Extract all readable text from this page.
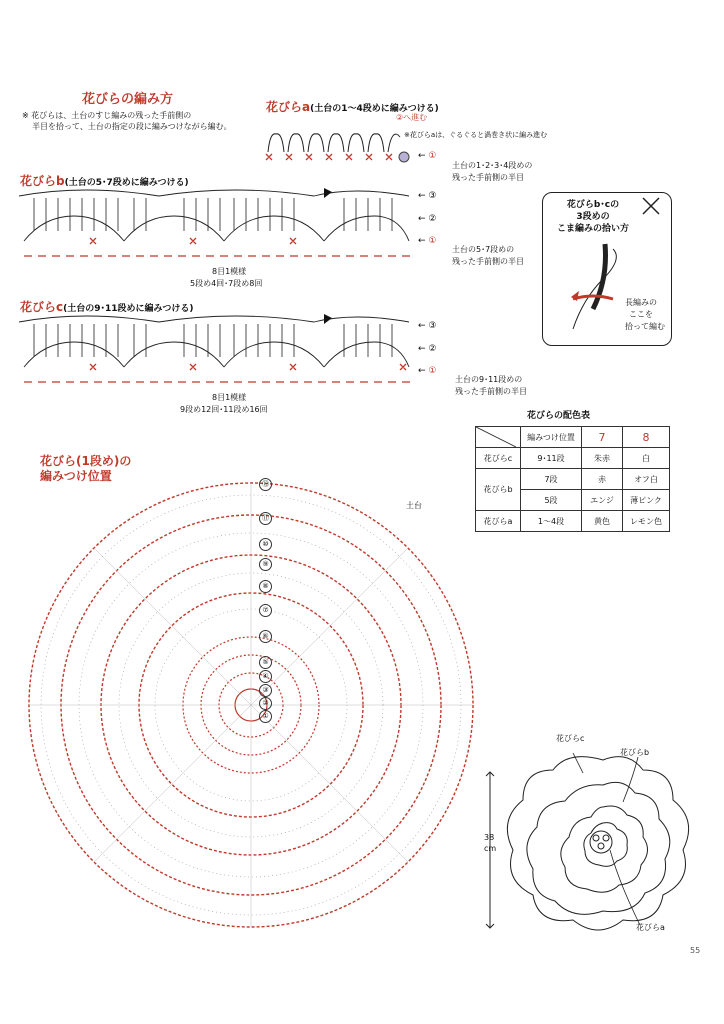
花びらの編み方
※ 花びらは、土台のすじ編みの残った手前側の
半目を拾って、土台の指定の段に編みつけながら編む。
花びらa(土台の1～4段めに編みつける)
②へ進む
※花びらaは、ぐるぐると渦巻き状に編み進む
← ①
土台の1･2･3･4段めの
残った手前側の半目
花びらb(土台の5･7段めに編みつける)
← ③
← ②
← ①
土台の5･7段めの
残った手前側の半目
8目1模様
5段め4回･7段め8回
花びらc(土台の9･11段めに編みつける)
← ③
← ②
← ①
土台の9･11段めの
残った手前側の半目
8目1模様
9段め12回･11段め16回
花びらb･cの
3段めの
こま編みの拾い方
長編みの
ここを
拾って編む
花びらの配色表
	編みつけ位置	7	8
花びらc	9･11段	朱赤	白
花びらb	7段	赤	オフ白
	5段	エンジ	薄ピンク
花びらa	1～4段	黄色	レモン色
花びら(1段め)の
編みつけ位置
土台
⑫
⑪
⑩
⑨
⑧
⑦
⑥
⑤
④
③
②
①
38
cm
花びらc
花びらb
花びらa
55
